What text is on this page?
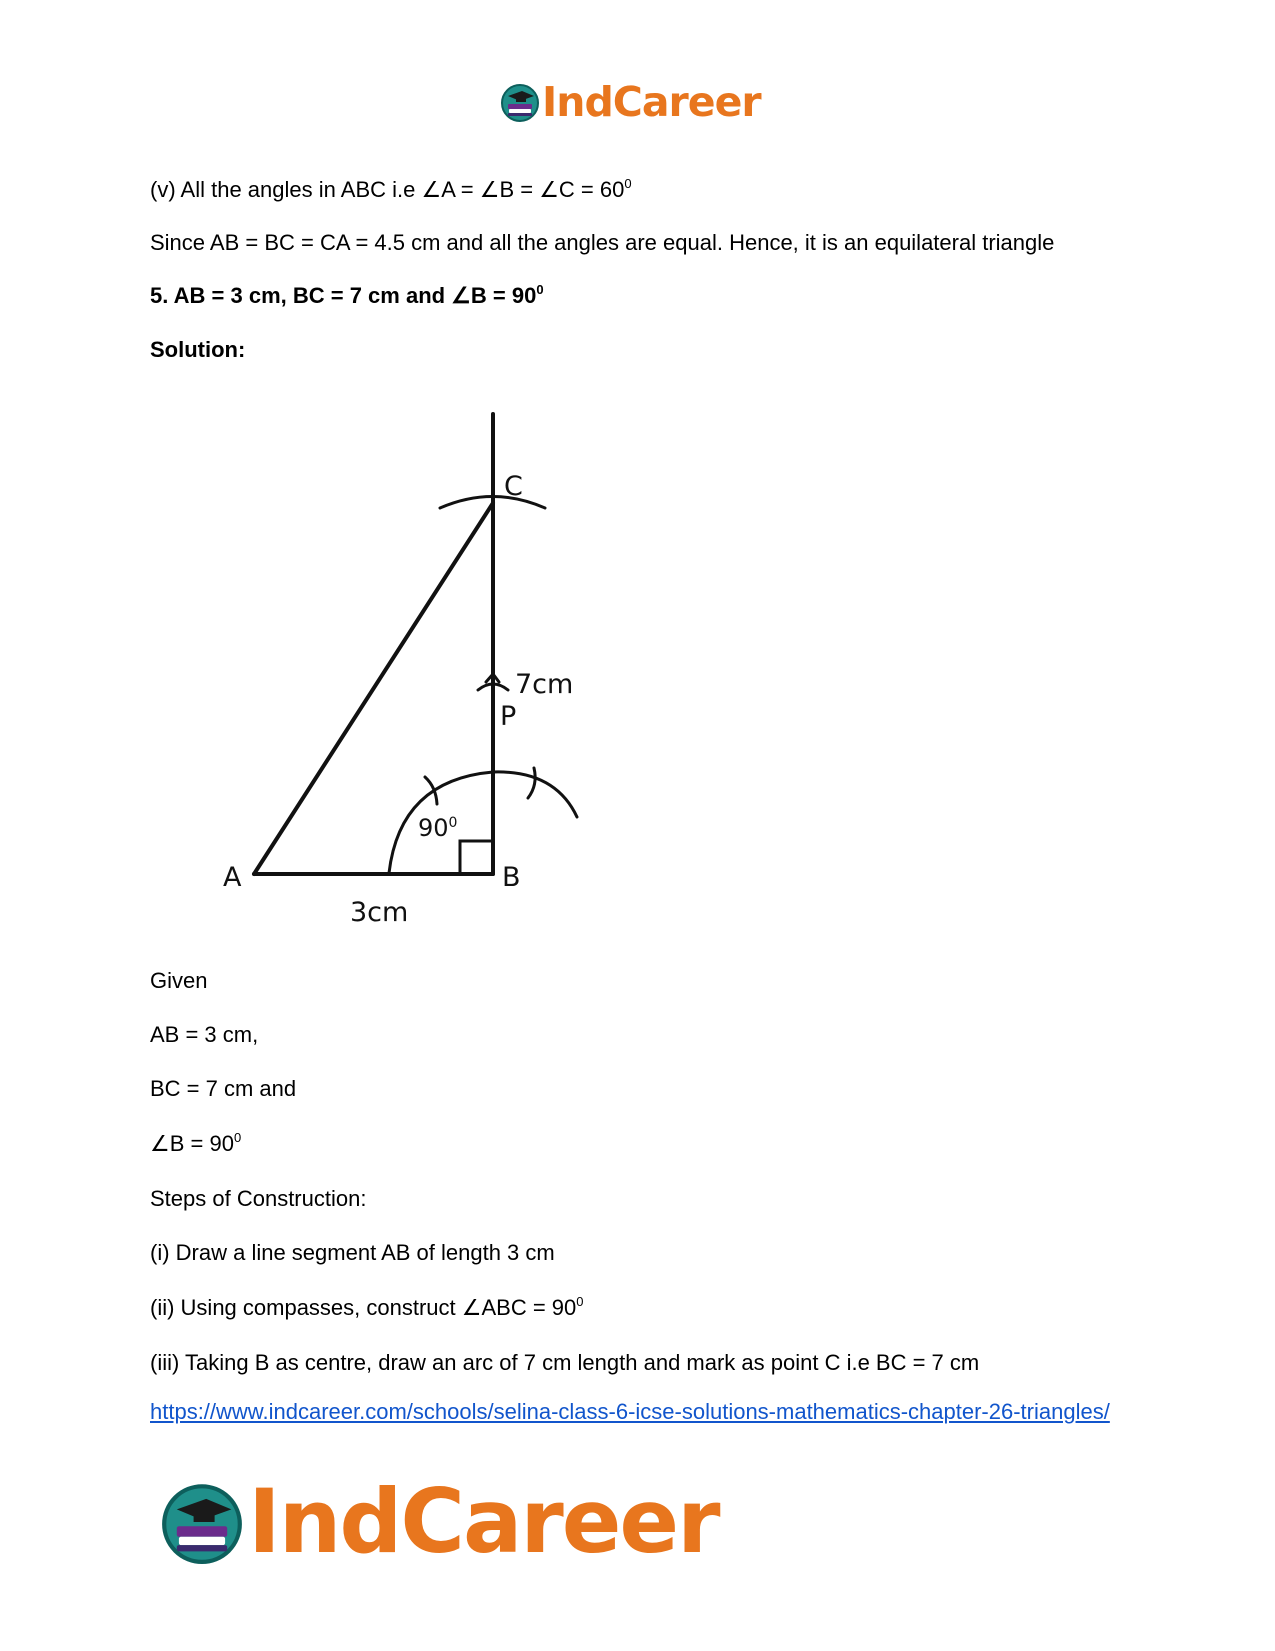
IndCareer
(v) All the angles in ABC i.e ∠A = ∠B = ∠C = $60^0$
Since AB = BC = CA = 4.5 cm and all the angles are equal. Hence, it is an equilateral triangle
5. AB = 3 cm, BC = 7 cm and ∠B = $90^0$
Solution:
C
7cm
P
$90^0$
A	B
3cm
Given
AB = 3 cm,
BC = 7 cm and
∠B = $90^0$
Steps of Construction:
(i) Draw a line segment AB of length 3 cm
(ii) Using compasses, construct ∠ABC = $90^0$
(iii) Taking B as centre, draw an arc of 7 cm length and mark as point C i.e BC = 7 cm
https://www.indcareer.com/schools/selina-class-6-icse-solutions-mathematics-chapter-26-triangles/
IndCareer
